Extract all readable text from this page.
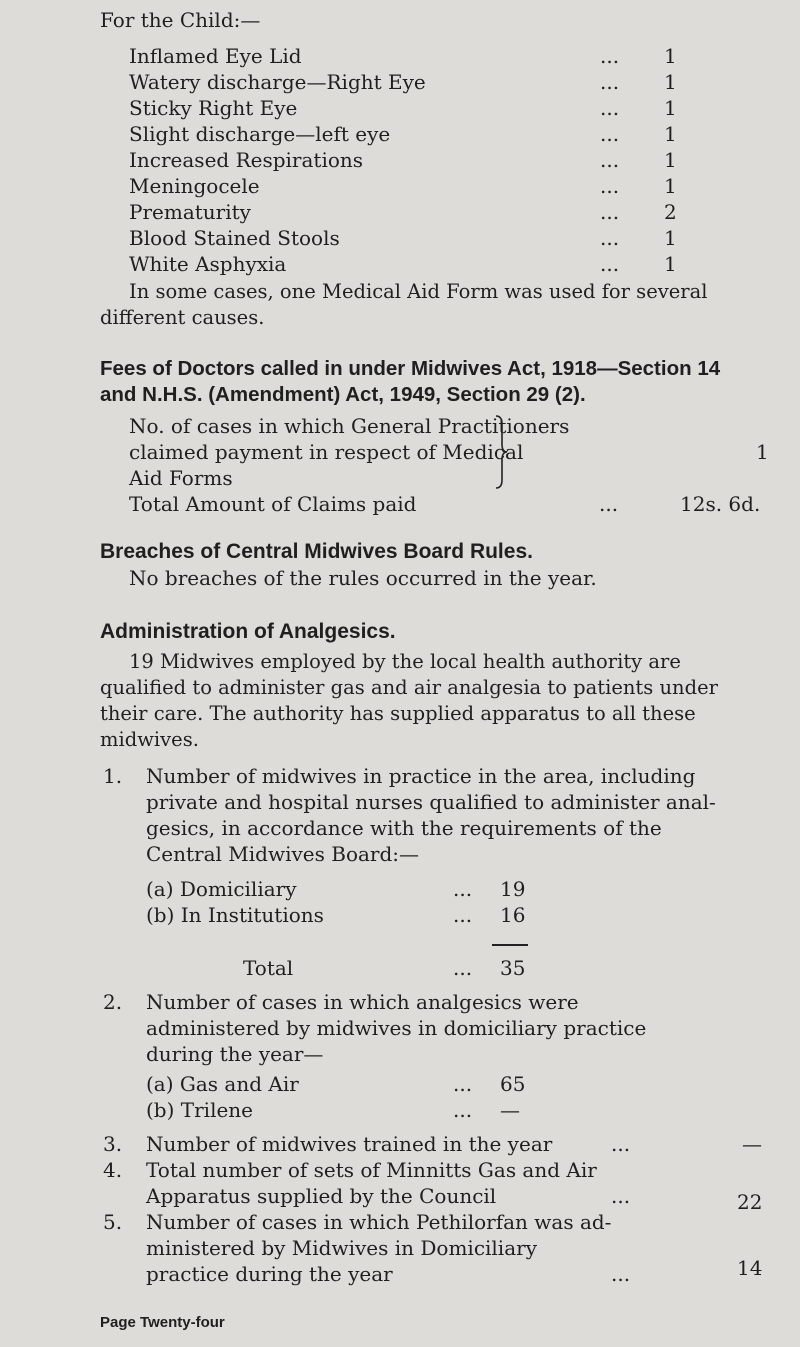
For the Child:—
Inflamed Eye Lid	... 1
Watery discharge—Right Eye	... 1
Sticky Right Eye	... 1
Slight discharge—left eye	... 1
Increased Respirations	... 1
Meningocele	... 1
Prematurity	... 2
Blood Stained Stools	... 1
White Asphyxia	... 1
In some cases, one Medical Aid Form was used for several
different causes.
Fees of Doctors called in under Midwives Act, 1918—Section 14
and N.H.S. (Amendment) Act, 1949, Section 29 (2).
No. of cases in which General Practitioners
claimed payment in respect of Medical
Aid Forms
1
Total Amount of Claims paid	...	12s. 6d.
Breaches of Central Midwives Board Rules.
No breaches of the rules occurred in the year.
Administration of Analgesics.
19 Midwives employed by the local health authority are
qualified to administer gas and air analgesia to patients under
their care. The authority has supplied apparatus to all these
midwives.
1. Number of midwives in practice in the area, including
private and hospital nurses qualified to administer anal-
gesics, in accordance with the requirements of the
Central Midwives Board:—
(a) Domiciliary	... 19
(b) In Institutions	... 16
Total	... 35
2. Number of cases in which analgesics were
administered by midwives in domiciliary practice
during the year—
(a) Gas and Air	... 65
(b) Trilene	... —
3. Number of midwives trained in the year	...	—
4. Total number of sets of Minnitts Gas and Air
Apparatus supplied by the Council	...	22
5. Number of cases in which Pethilorfan was ad-
ministered by Midwives in Domiciliary
practice during the year	...	14
Page Twenty-four
